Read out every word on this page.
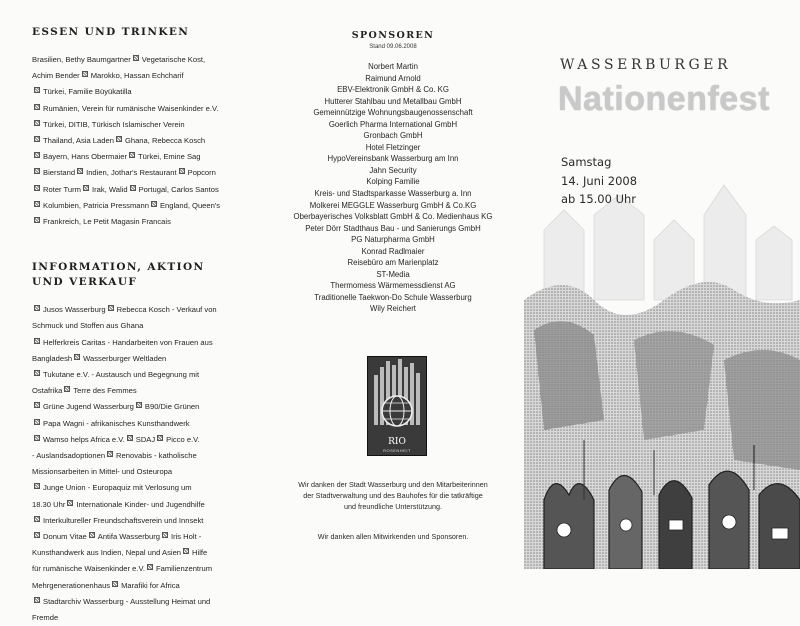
ESSEN UND TRINKEN
Brasilien, Bethy Baumgartner Vegetarische Kost,
Achim Bender Marokko, Hassan Echcharif
Türkei, Familie Büyükatilla
Rumänien, Verein für rumänische Waisenkinder e.V.
Türkei, DITIB, Türkisch Islamischer Verein
Thailand, Asia Laden Ghana, Rebecca Kosch
Bayern, Hans Obermaier Türkei, Emine Sag
Bierstand Indien, Jothar's Restaurant Popcorn
Roter Turm Irak, Walid Portugal, Carlos Santos
Kolumbien, Patricia Pressmann England, Queen's
Frankreich, Le Petit Magasin Francais
INFORMATION, AKTION
UND VERKAUF
Jusos Wasserburg Rebecca Kosch - Verkauf von
Schmuck und Stoffen aus Ghana
Helferkreis Caritas - Handarbeiten von Frauen aus
Bangladesh Wasserburger Weltladen
Tukutane e.V. - Austausch und Begegnung mit
Ostafrika Terre des Femmes
Grüne Jugend Wasserburg B90/Die Grünen
Papa Wagni - afrikanisches Kunsthandwerk
Wamso helps Africa e.V. SDAJ Picco e.V.
- Auslandsadoptionen Renovabis - katholische
Missionsarbeiten in Mittel- und Osteuropa
Junge Union - Europaquiz mit Verlosung um
18.30 Uhr Internationale Kinder- und Jugendhilfe
Interkultureller Freundschaftsverein und Innsekt
Donum Vitae Antifa Wasserburg Iris Holt -
Kunsthandwerk aus Indien, Nepal und Asien Hilfe
für rumänische Waisenkinder e.V. Familienzentrum
Mehrgenerationenhaus Marafiki for Africa
Stadtarchiv Wasserburg - Ausstellung Heimat und
Fremde
SPONSOREN
Stand 09.06.2008
Norbert Martin
Raimund Arnold
EBV-Elektronik GmbH & Co. KG
Hutterer Stahlbau und Metallbau GmbH
Gemeinnützige Wohnungsbaugenossenschaft
Goerlich Pharma International GmbH
Gronbach GmbH
Hotel Fletzinger
HypoVereinsbank Wasserburg am Inn
Jahn Security
Kolping Familie
Kreis- und Stadtsparkasse Wasserburg a. Inn
Molkerei MEGGLE Wasserburg GmbH & Co.KG
Oberbayerisches Volksblatt GmbH & Co. Medienhaus KG
Peter Dörr Stadthaus Bau - und Sanierungs GmbH
PG Naturpharma GmbH
Konrad Radlmaier
Reisebüro am Marienplatz
ST-Media
Thermomess Wärmemessdienst AG
Traditionelle Taekwon-Do Schule Wasserburg
Wily Reichert
RIO
ROSENHEIT
Wir danken der Stadt Wasserburg und den Mitarbeiterinnen
der Stadtverwaltung und des Bauhofes für die tatkräftige
und freundliche Unterstützung.
Wir danken allen Mitwirkenden und Sponsoren.
WASSERBURGER
Nationenfest
Samstag
14. Juni 2008
ab 15.00 Uhr
